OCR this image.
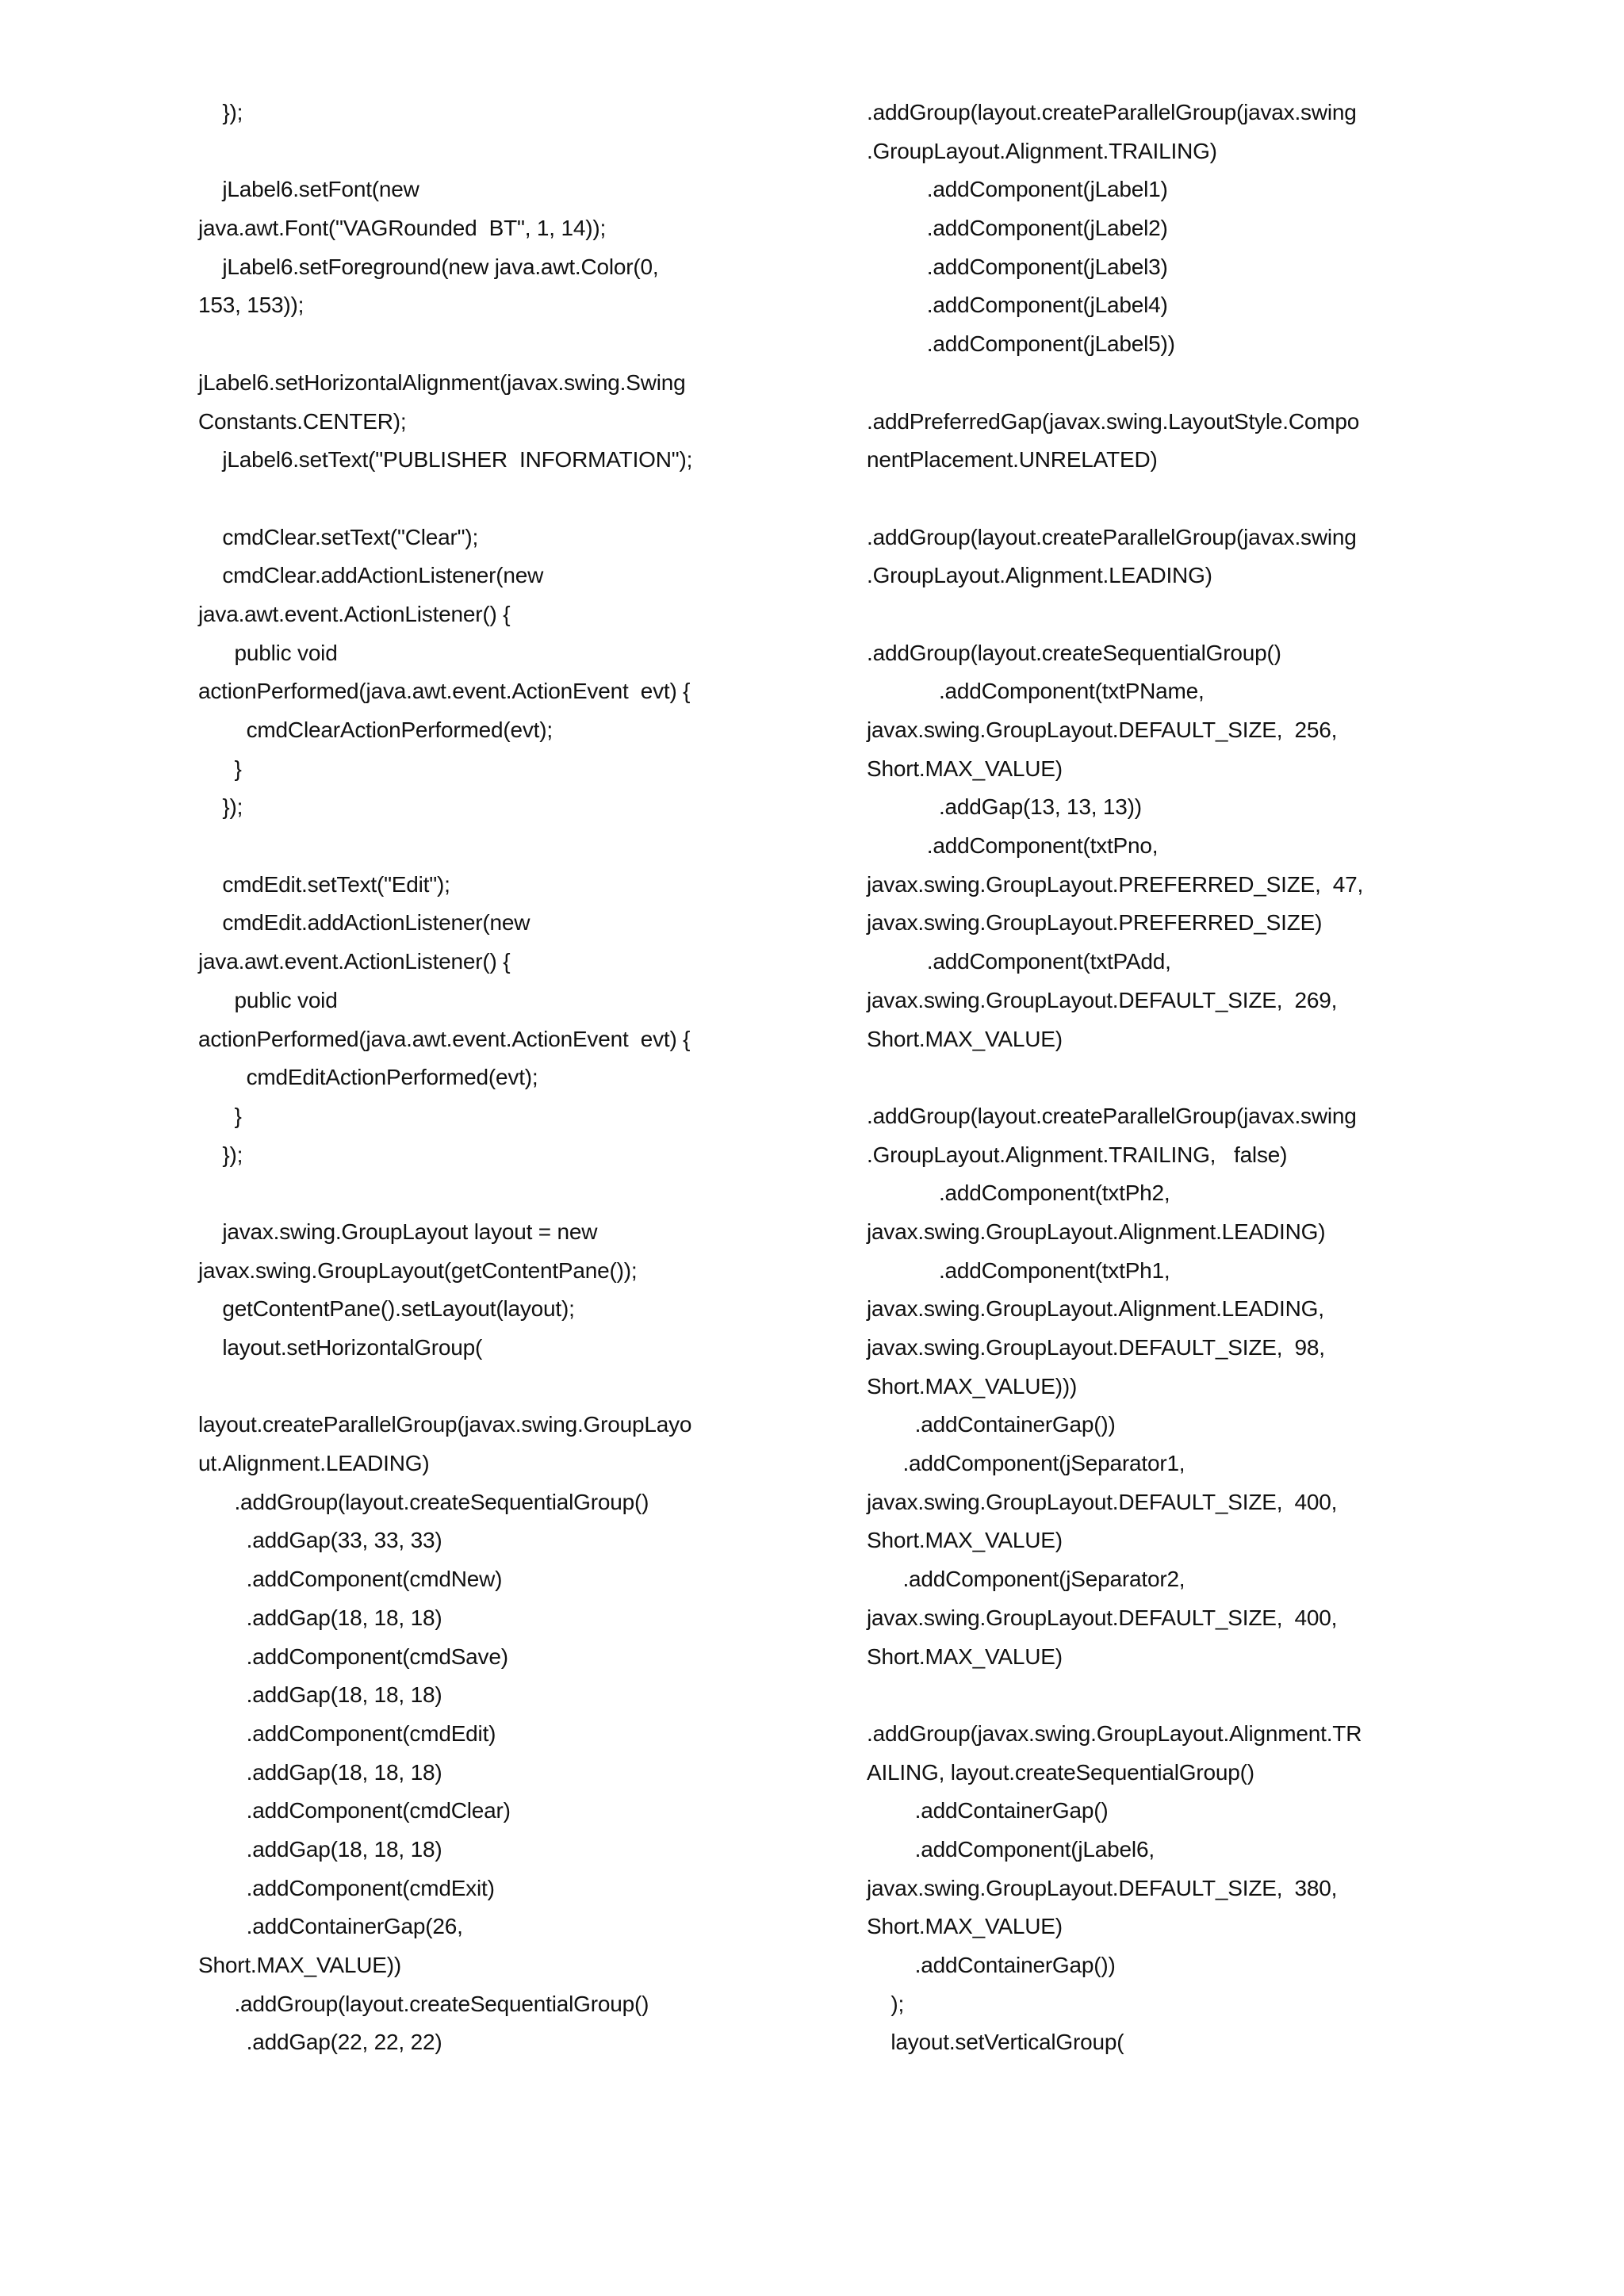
});
jLabel6.setFont(new
java.awt.Font("VAGRounded  BT", 1, 14));
jLabel6.setForeground(new java.awt.Color(0,
153, 153));
jLabel6.setHorizontalAlignment(javax.swing.Swing
Constants.CENTER);
jLabel6.setText("PUBLISHER  INFORMATION");
cmdClear.setText("Clear");
cmdClear.addActionListener(new
java.awt.event.ActionListener() {
public void
actionPerformed(java.awt.event.ActionEvent  evt) {
cmdClearActionPerformed(evt);
}
});
cmdEdit.setText("Edit");
cmdEdit.addActionListener(new
java.awt.event.ActionListener() {
public void
actionPerformed(java.awt.event.ActionEvent  evt) {
cmdEditActionPerformed(evt);
}
});
javax.swing.GroupLayout layout = new
javax.swing.GroupLayout(getContentPane());
getContentPane().setLayout(layout);
layout.setHorizontalGroup(
layout.createParallelGroup(javax.swing.GroupLayo
ut.Alignment.LEADING)
.addGroup(layout.createSequentialGroup()
.addGap(33, 33, 33)
.addComponent(cmdNew)
.addGap(18, 18, 18)
.addComponent(cmdSave)
.addGap(18, 18, 18)
.addComponent(cmdEdit)
.addGap(18, 18, 18)
.addComponent(cmdClear)
.addGap(18, 18, 18)
.addComponent(cmdExit)
.addContainerGap(26,
Short.MAX_VALUE))
.addGroup(layout.createSequentialGroup()
.addGap(22, 22, 22)
.addGroup(layout.createParallelGroup(javax.swing
.GroupLayout.Alignment.TRAILING)
.addComponent(jLabel1)
.addComponent(jLabel2)
.addComponent(jLabel3)
.addComponent(jLabel4)
.addComponent(jLabel5))
.addPreferredGap(javax.swing.LayoutStyle.Compo
nentPlacement.UNRELATED)
.addGroup(layout.createParallelGroup(javax.swing
.GroupLayout.Alignment.LEADING)
.addGroup(layout.createSequentialGroup()
.addComponent(txtPName,
javax.swing.GroupLayout.DEFAULT_SIZE,  256,
Short.MAX_VALUE)
.addGap(13, 13, 13))
.addComponent(txtPno,
javax.swing.GroupLayout.PREFERRED_SIZE,  47,
javax.swing.GroupLayout.PREFERRED_SIZE)
.addComponent(txtPAdd,
javax.swing.GroupLayout.DEFAULT_SIZE,  269,
Short.MAX_VALUE)
.addGroup(layout.createParallelGroup(javax.swing
.GroupLayout.Alignment.TRAILING,   false)
.addComponent(txtPh2,
javax.swing.GroupLayout.Alignment.LEADING)
.addComponent(txtPh1,
javax.swing.GroupLayout.Alignment.LEADING,
javax.swing.GroupLayout.DEFAULT_SIZE,  98,
Short.MAX_VALUE)))
.addContainerGap())
.addComponent(jSeparator1,
javax.swing.GroupLayout.DEFAULT_SIZE,  400,
Short.MAX_VALUE)
.addComponent(jSeparator2,
javax.swing.GroupLayout.DEFAULT_SIZE,  400,
Short.MAX_VALUE)
.addGroup(javax.swing.GroupLayout.Alignment.TR
AILING, layout.createSequentialGroup()
.addContainerGap()
.addComponent(jLabel6,
javax.swing.GroupLayout.DEFAULT_SIZE,  380,
Short.MAX_VALUE)
.addContainerGap())
);
layout.setVerticalGroup(
